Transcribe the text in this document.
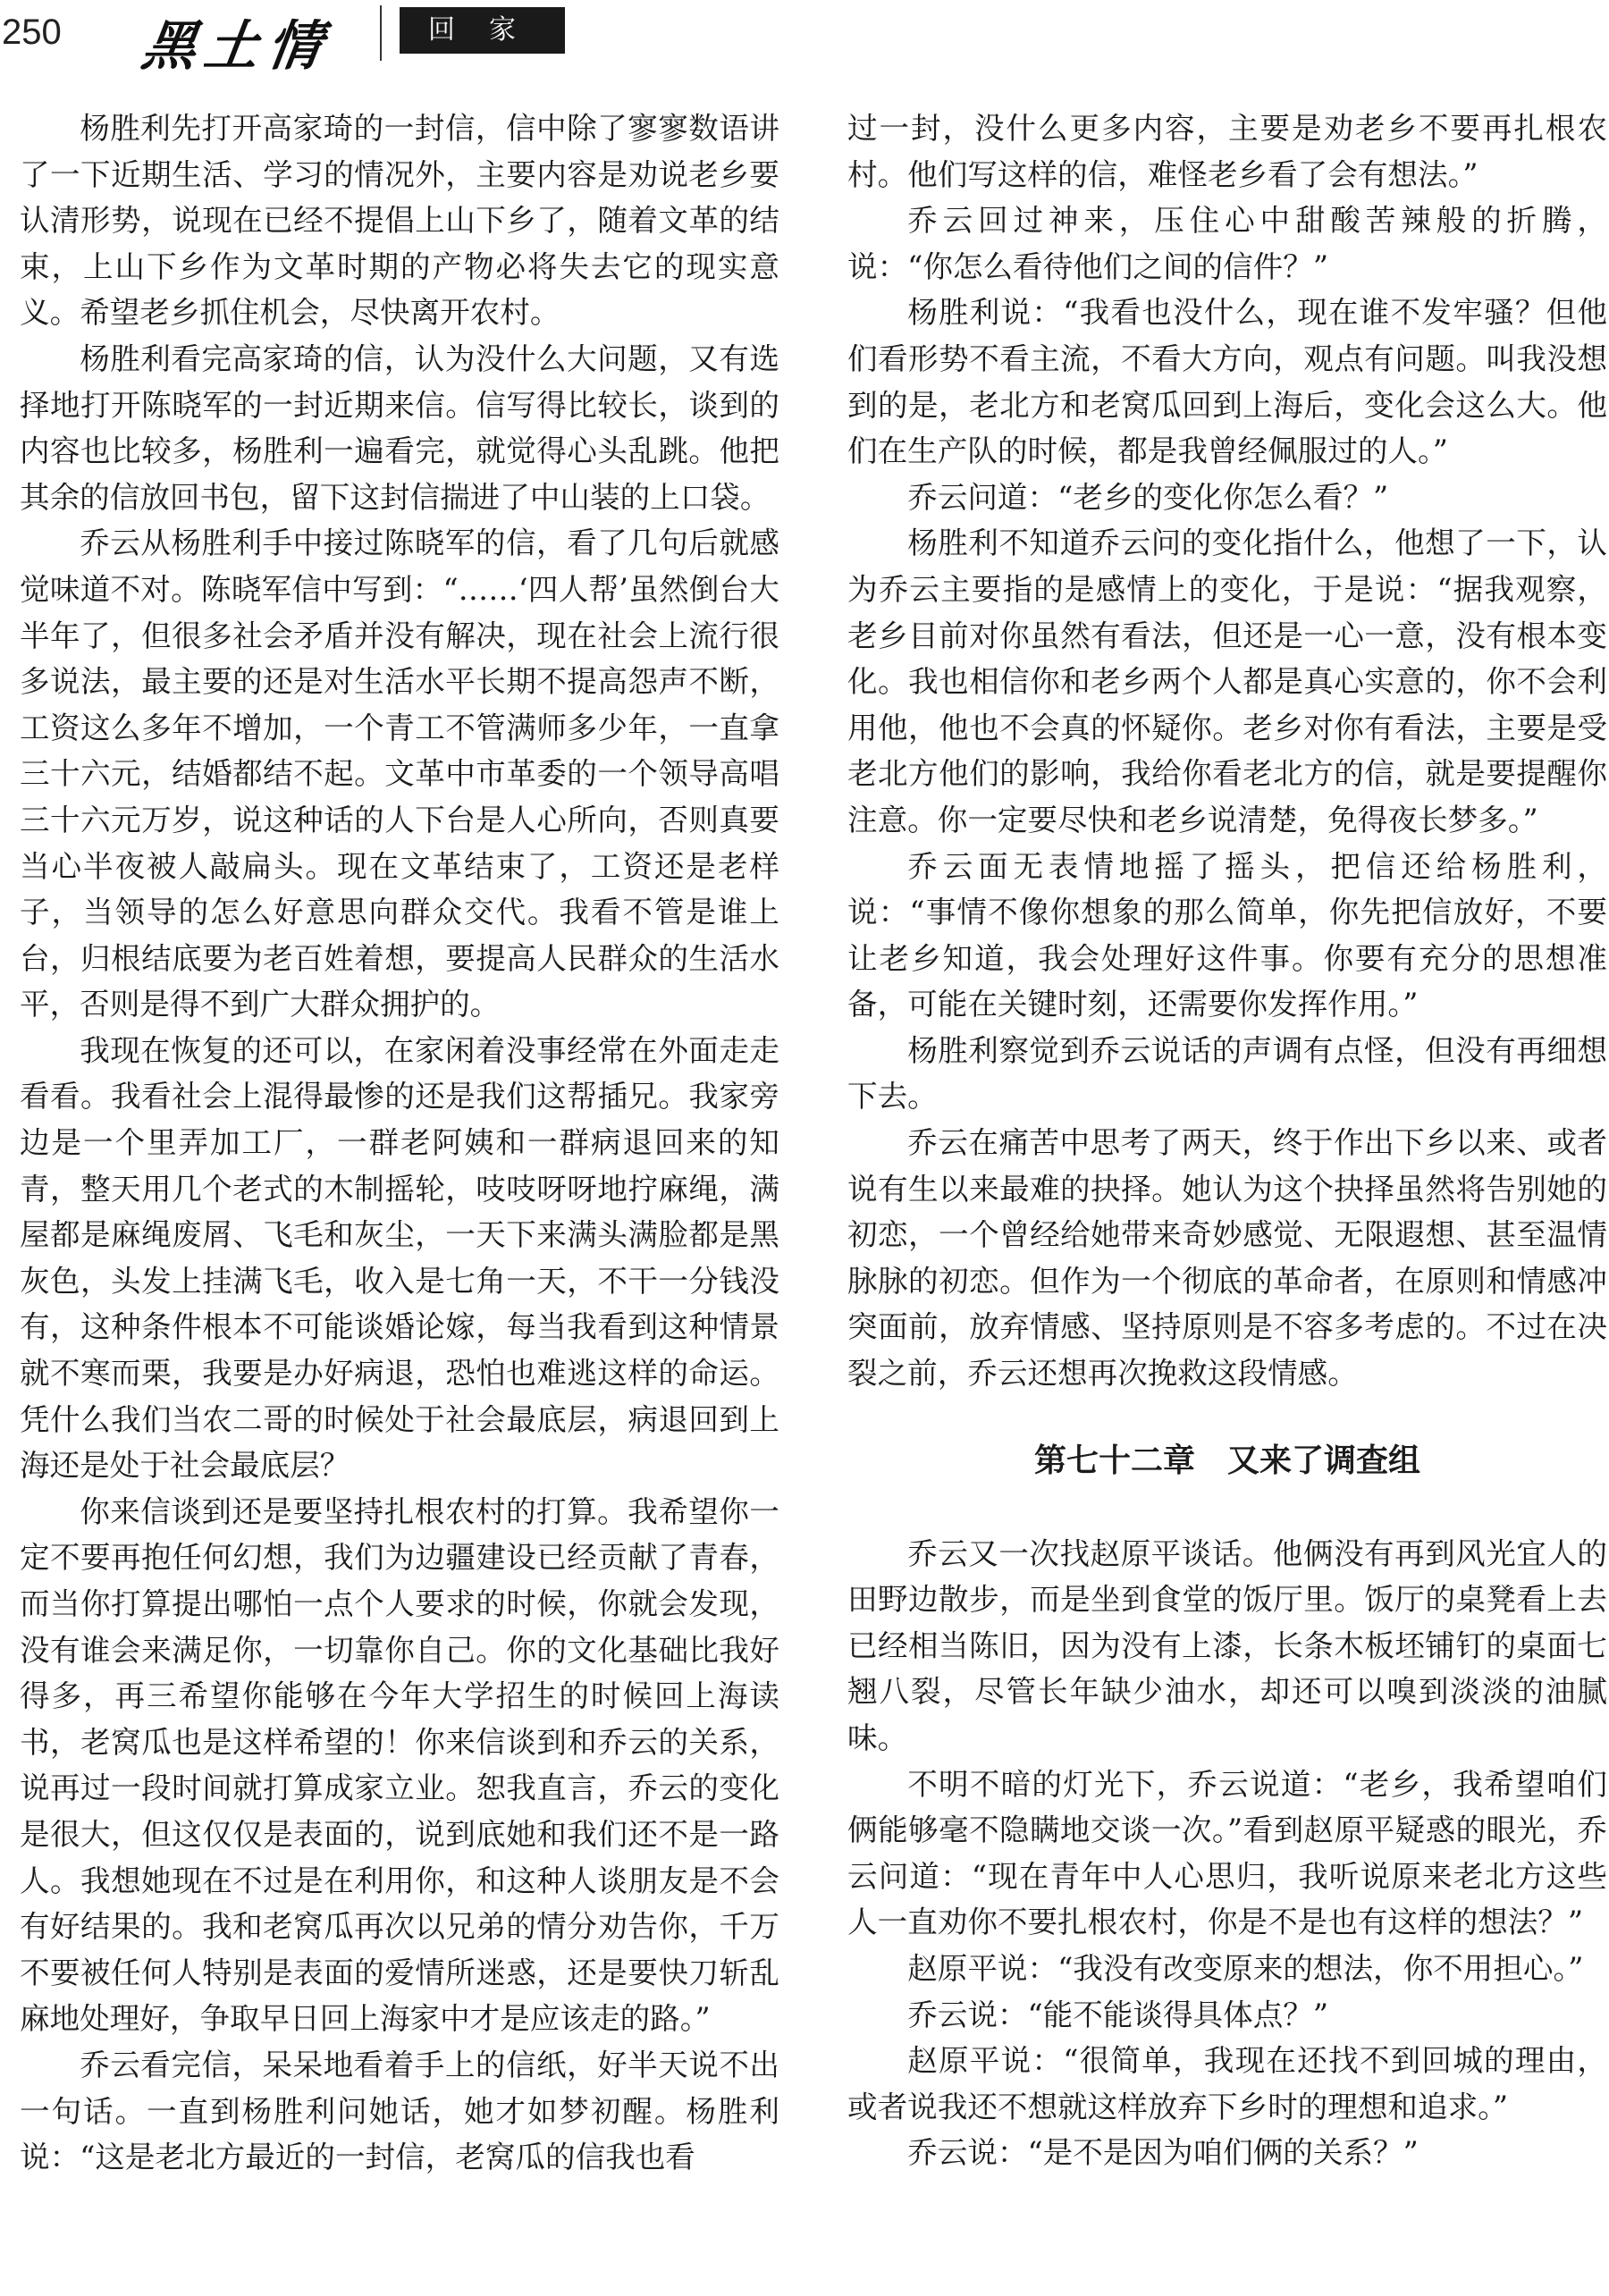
250 黑土情	回家

杨胜利先打开高家琦的一封信，信中除了寥寥数语讲了一下近期生活、学习的情况外，主要内容是劝说老乡要认清形势，说现在已经不提倡上山下乡了，随着文革的结束，上山下乡作为文革时期的产物必将失去它的现实意义。希望老乡抓住机会，尽快离开农村。

杨胜利看完高家琦的信，认为没什么大问题，又有选择地打开陈晓军的一封近期来信。信写得比较长，谈到的内容也比较多，杨胜利一遍看完，就觉得心头乱跳。他把其余的信放回书包，留下这封信揣进了中山装的上口袋。

乔云从杨胜利手中接过陈晓军的信，看了几句后就感觉味道不对。陈晓军信中写到：“……‘四人帮’虽然倒台大半年了，但很多社会矛盾并没有解决，现在社会上流行很多说法，最主要的还是对生活水平长期不提高怨声不断，工资这么多年不增加，一个青工不管满师多少年，一直拿三十六元，结婚都结不起。文革中市革委的一个领导高唱三十六元万岁，说这种话的人下台是人心所向，否则真要当心半夜被人敲扁头。现在文革结束了，工资还是老样子，当领导的怎么好意思向群众交代。我看不管是谁上台，归根结底要为老百姓着想，要提高人民群众的生活水平，否则是得不到广大群众拥护的。

我现在恢复的还可以，在家闲着没事经常在外面走走看看。我看社会上混得最惨的还是我们这帮插兄。我家旁边是一个里弄加工厂，一群老阿姨和一群病退回来的知青，整天用几个老式的木制摇轮，吱吱呀呀地拧麻绳，满屋都是麻绳废屑、飞毛和灰尘，一天下来满头满脸都是黑灰色，头发上挂满飞毛，收入是七角一天，不干一分钱没有，这种条件根本不可能谈婚论嫁，每当我看到这种情景就不寒而栗，我要是办好病退，恐怕也难逃这样的命运。凭什么我们当农二哥的时候处于社会最底层，病退回到上海还是处于社会最底层？

你来信谈到还是要坚持扎根农村的打算。我希望你一定不要再抱任何幻想，我们为边疆建设已经贡献了青春，而当你打算提出哪怕一点个人要求的时候，你就会发现，没有谁会来满足你，一切靠你自己。你的文化基础比我好得多，再三希望你能够在今年大学招生的时候回上海读书，老窝瓜也是这样希望的！你来信谈到和乔云的关系，说再过一段时间就打算成家立业。恕我直言，乔云的变化是很大，但这仅仅是表面的，说到底她和我们还不是一路人。我想她现在不过是在利用你，和这种人谈朋友是不会有好结果的。我和老窝瓜再次以兄弟的情分劝告你，千万不要被任何人特别是表面的爱情所迷惑，还是要快刀斩乱麻地处理好，争取早日回上海家中才是应该走的路。”

乔云看完信，呆呆地看着手上的信纸，好半天说不出一句话。一直到杨胜利问她话，她才如梦初醒。杨胜利说：“这是老北方最近的一封信，老窝瓜的信我也看

过一封，没什么更多内容，主要是劝老乡不要再扎根农村。他们写这样的信，难怪老乡看了会有想法。”

乔云回过神来，压住心中甜酸苦辣般的折腾，说：“你怎么看待他们之间的信件？”

杨胜利说：“我看也没什么，现在谁不发牢骚？但他们看形势不看主流，不看大方向，观点有问题。叫我没想到的是，老北方和老窝瓜回到上海后，变化会这么大。他们在生产队的时候，都是我曾经佩服过的人。”

乔云问道：“老乡的变化你怎么看？”

杨胜利不知道乔云问的变化指什么，他想了一下，认为乔云主要指的是感情上的变化，于是说：“据我观察，老乡目前对你虽然有看法，但还是一心一意，没有根本变化。我也相信你和老乡两个人都是真心实意的，你不会利用他，他也不会真的怀疑你。老乡对你有看法，主要是受老北方他们的影响，我给你看老北方的信，就是要提醒你注意。你一定要尽快和老乡说清楚，免得夜长梦多。”

乔云面无表情地摇了摇头，把信还给杨胜利，说：“事情不像你想象的那么简单，你先把信放好，不要让老乡知道，我会处理好这件事。你要有充分的思想准备，可能在关键时刻，还需要你发挥作用。”

杨胜利察觉到乔云说话的声调有点怪，但没有再细想下去。

乔云在痛苦中思考了两天，终于作出下乡以来、或者说有生以来最难的抉择。她认为这个抉择虽然将告别她的初恋，一个曾经给她带来奇妙感觉、无限遐想、甚至温情脉脉的初恋。但作为一个彻底的革命者，在原则和情感冲突面前，放弃情感、坚持原则是不容多考虑的。不过在决裂之前，乔云还想再次挽救这段情感。

第七十二章　又来了调查组

乔云又一次找赵原平谈话。他俩没有再到风光宜人的田野边散步，而是坐到食堂的饭厅里。饭厅的桌凳看上去已经相当陈旧，因为没有上漆，长条木板坯铺钉的桌面七翘八裂，尽管长年缺少油水，却还可以嗅到淡淡的油腻味。

不明不暗的灯光下，乔云说道：“老乡，我希望咱们俩能够毫不隐瞒地交谈一次。”看到赵原平疑惑的眼光，乔云问道：“现在青年中人心思归，我听说原来老北方这些人一直劝你不要扎根农村，你是不是也有这样的想法？”

赵原平说：“我没有改变原来的想法，你不用担心。”

乔云说：“能不能谈得具体点？”

赵原平说：“很简单，我现在还找不到回城的理由，或者说我还不想就这样放弃下乡时的理想和追求。”

乔云说：“是不是因为咱们俩的关系？”
